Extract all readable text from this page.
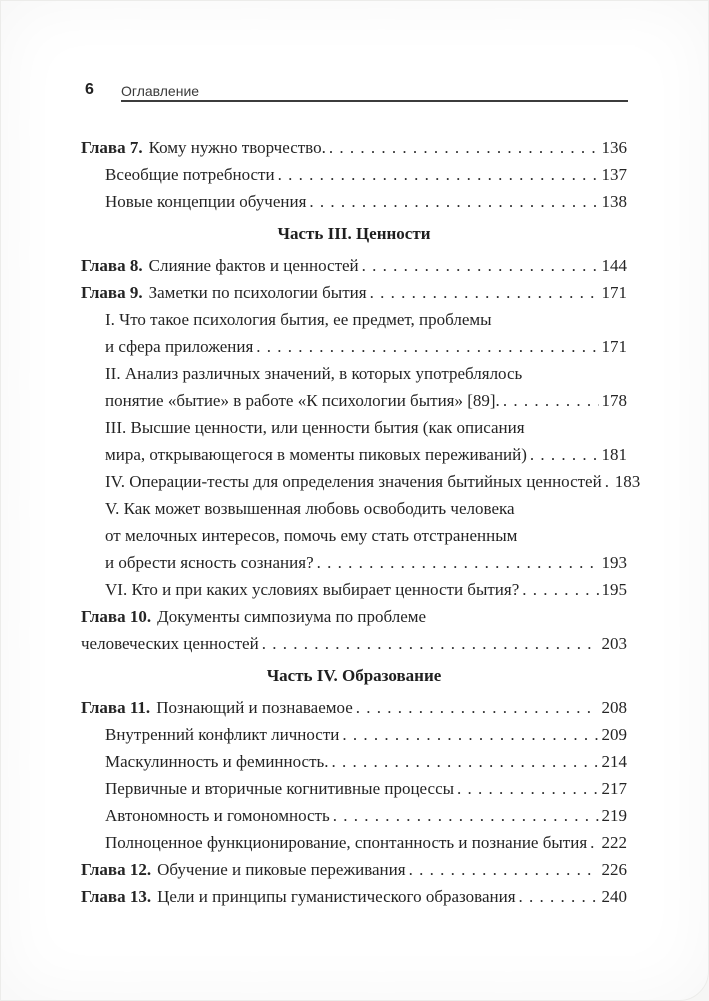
6 Оглавление
Глава 7. Кому нужно творчество. . . .	136
Всеобщие потребности . . .	137
Новые концепции обучения . . .	138
Часть III. Ценности
Глава 8. Слияние фактов и ценностей . . .	144
Глава 9. Заметки по психологии бытия . . .	171
I. Что такое психология бытия, ее предмет, проблемы
и сфера приложения . . .	171
II. Анализ различных значений, в которых употреблялось
понятие «бытие» в работе «К психологии бытия» [89]. . . .	178
III. Высшие ценности, или ценности бытия (как описания
мира, открывающегося в моменты пиковых переживаний) . . .	181
IV. Операции-тесты для определения значения бытийных ценностей . . . 183
V. Как может возвышенная любовь освободить человека
от мелочных интересов, помочь ему стать отстраненным
и обрести ясность сознания? . . .	193
VI. Кто и при каких условиях выбирает ценности бытия? . . .	195
Глава 10. Документы симпозиума по проблеме
человеческих ценностей . . .	203
Часть IV. Образование
Глава 11. Познающий и познаваемое . . .	208
Внутренний конфликт личности . . .	209
Маскулинность и феминность. . . .	214
Первичные и вторичные когнитивные процессы . . .	217
Автономность и гомономность . . .	219
Полноценное функционирование, спонтанность и познание бытия . . . 222
Глава 12. Обучение и пиковые переживания . . .	226
Глава 13. Цели и принципы гуманистического образования . . .	240
